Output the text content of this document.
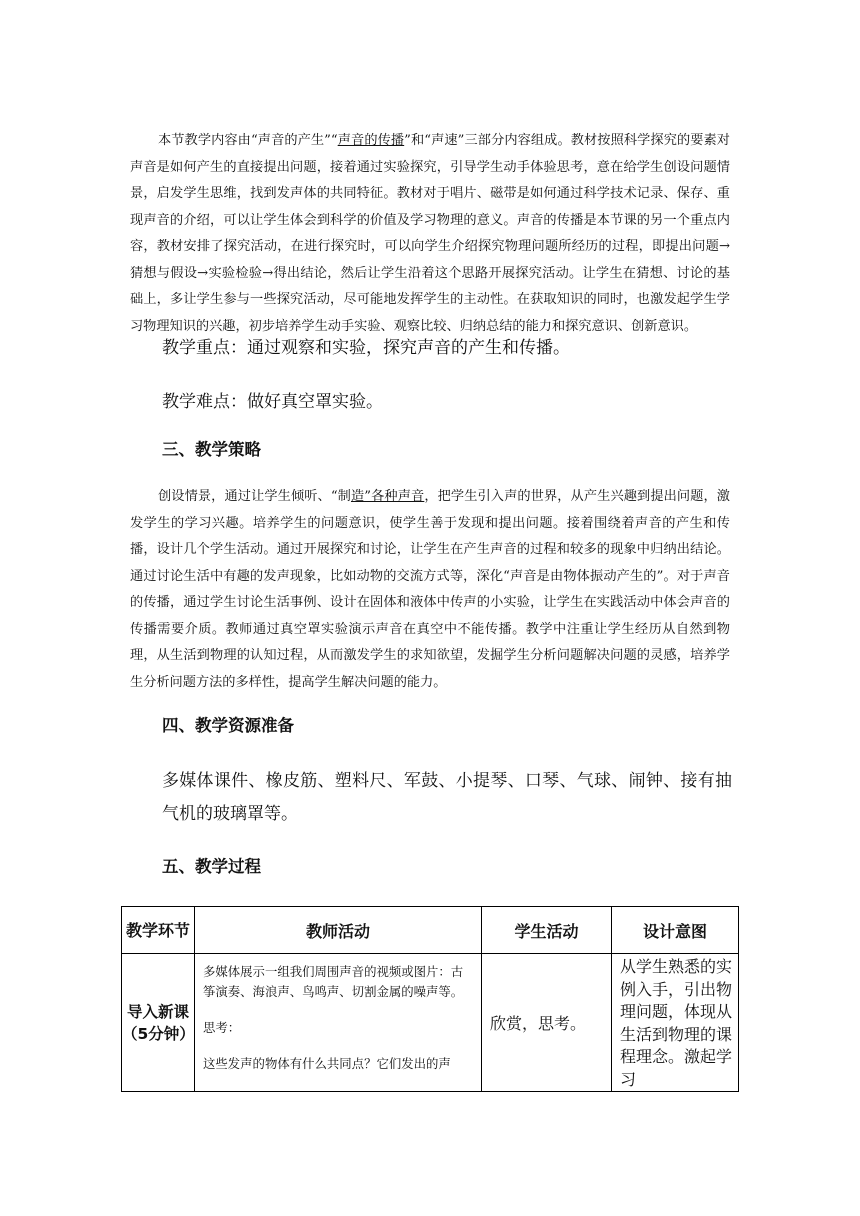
本节教学内容由“声音的产生”“声音的传播”和“声速”三部分内容组成。教材按照科学探究的要素对声音是如何产生的直接提出问题，接着通过实验探究，引导学生动手体验思考，意在给学生创设问题情景，启发学生思维，找到发声体的共同特征。教材对于唱片、磁带是如何通过科学技术记录、保存、重现声音的介绍，可以让学生体会到科学的价值及学习物理的意义。声音的传播是本节课的另一个重点内容，教材安排了探究活动，在进行探究时，可以向学生介绍探究物理问题所经历的过程，即提出问题→猜想与假设→实验检验→得出结论，然后让学生沿着这个思路开展探究活动。让学生在猜想、讨论的基础上，多让学生参与一些探究活动，尽可能地发挥学生的主动性。在获取知识的同时，也激发起学生学习物理知识的兴趣，初步培养学生动手实验、观察比较、归纳总结的能力和探究意识、创新意识。

教学重点：通过观察和实验，探究声音的产生和传播。

教学难点：做好真空罩实验。

三、教学策略

创设情景，通过让学生倾听、“制造”各种声音，把学生引入声的世界，从产生兴趣到提出问题，激发学生的学习兴趣。培养学生的问题意识，使学生善于发现和提出问题。接着围绕着声音的产生和传播，设计几个学生活动。通过开展探究和讨论，让学生在产生声音的过程和较多的现象中归纳出结论。通过讨论生活中有趣的发声现象，比如动物的交流方式等，深化“声音是由物体振动产生的”。对于声音的传播，通过学生讨论生活事例、设计在固体和液体中传声的小实验，让学生在实践活动中体会声音的传播需要介质。教师通过真空罩实验演示声音在真空中不能传播。教学中注重让学生经历从自然到物理，从生活到物理的认知过程，从而激发学生的求知欲望，发掘学生分析问题解决问题的灵感，培养学生分析问题方法的多样性，提高学生解决问题的能力。

四、教学资源准备

多媒体课件、橡皮筋、塑料尺、军鼓、小提琴、口琴、气球、闹钟、接有抽气机的玻璃罩等。

五、教学过程
教学环节	教师活动	学生活动	设计意图
导入新课（5分钟）	多媒体展示一组我们周围声音的视频或图片：古筝演奏、海浪声、鸟鸣声、切割金属的噪声等。

思考：

这些发声的物体有什么共同点？它们发出的声	欣赏，思考。	从学生熟悉的实例入手，引出物理问题，体现从生活到物理的课程理念。激起学习
